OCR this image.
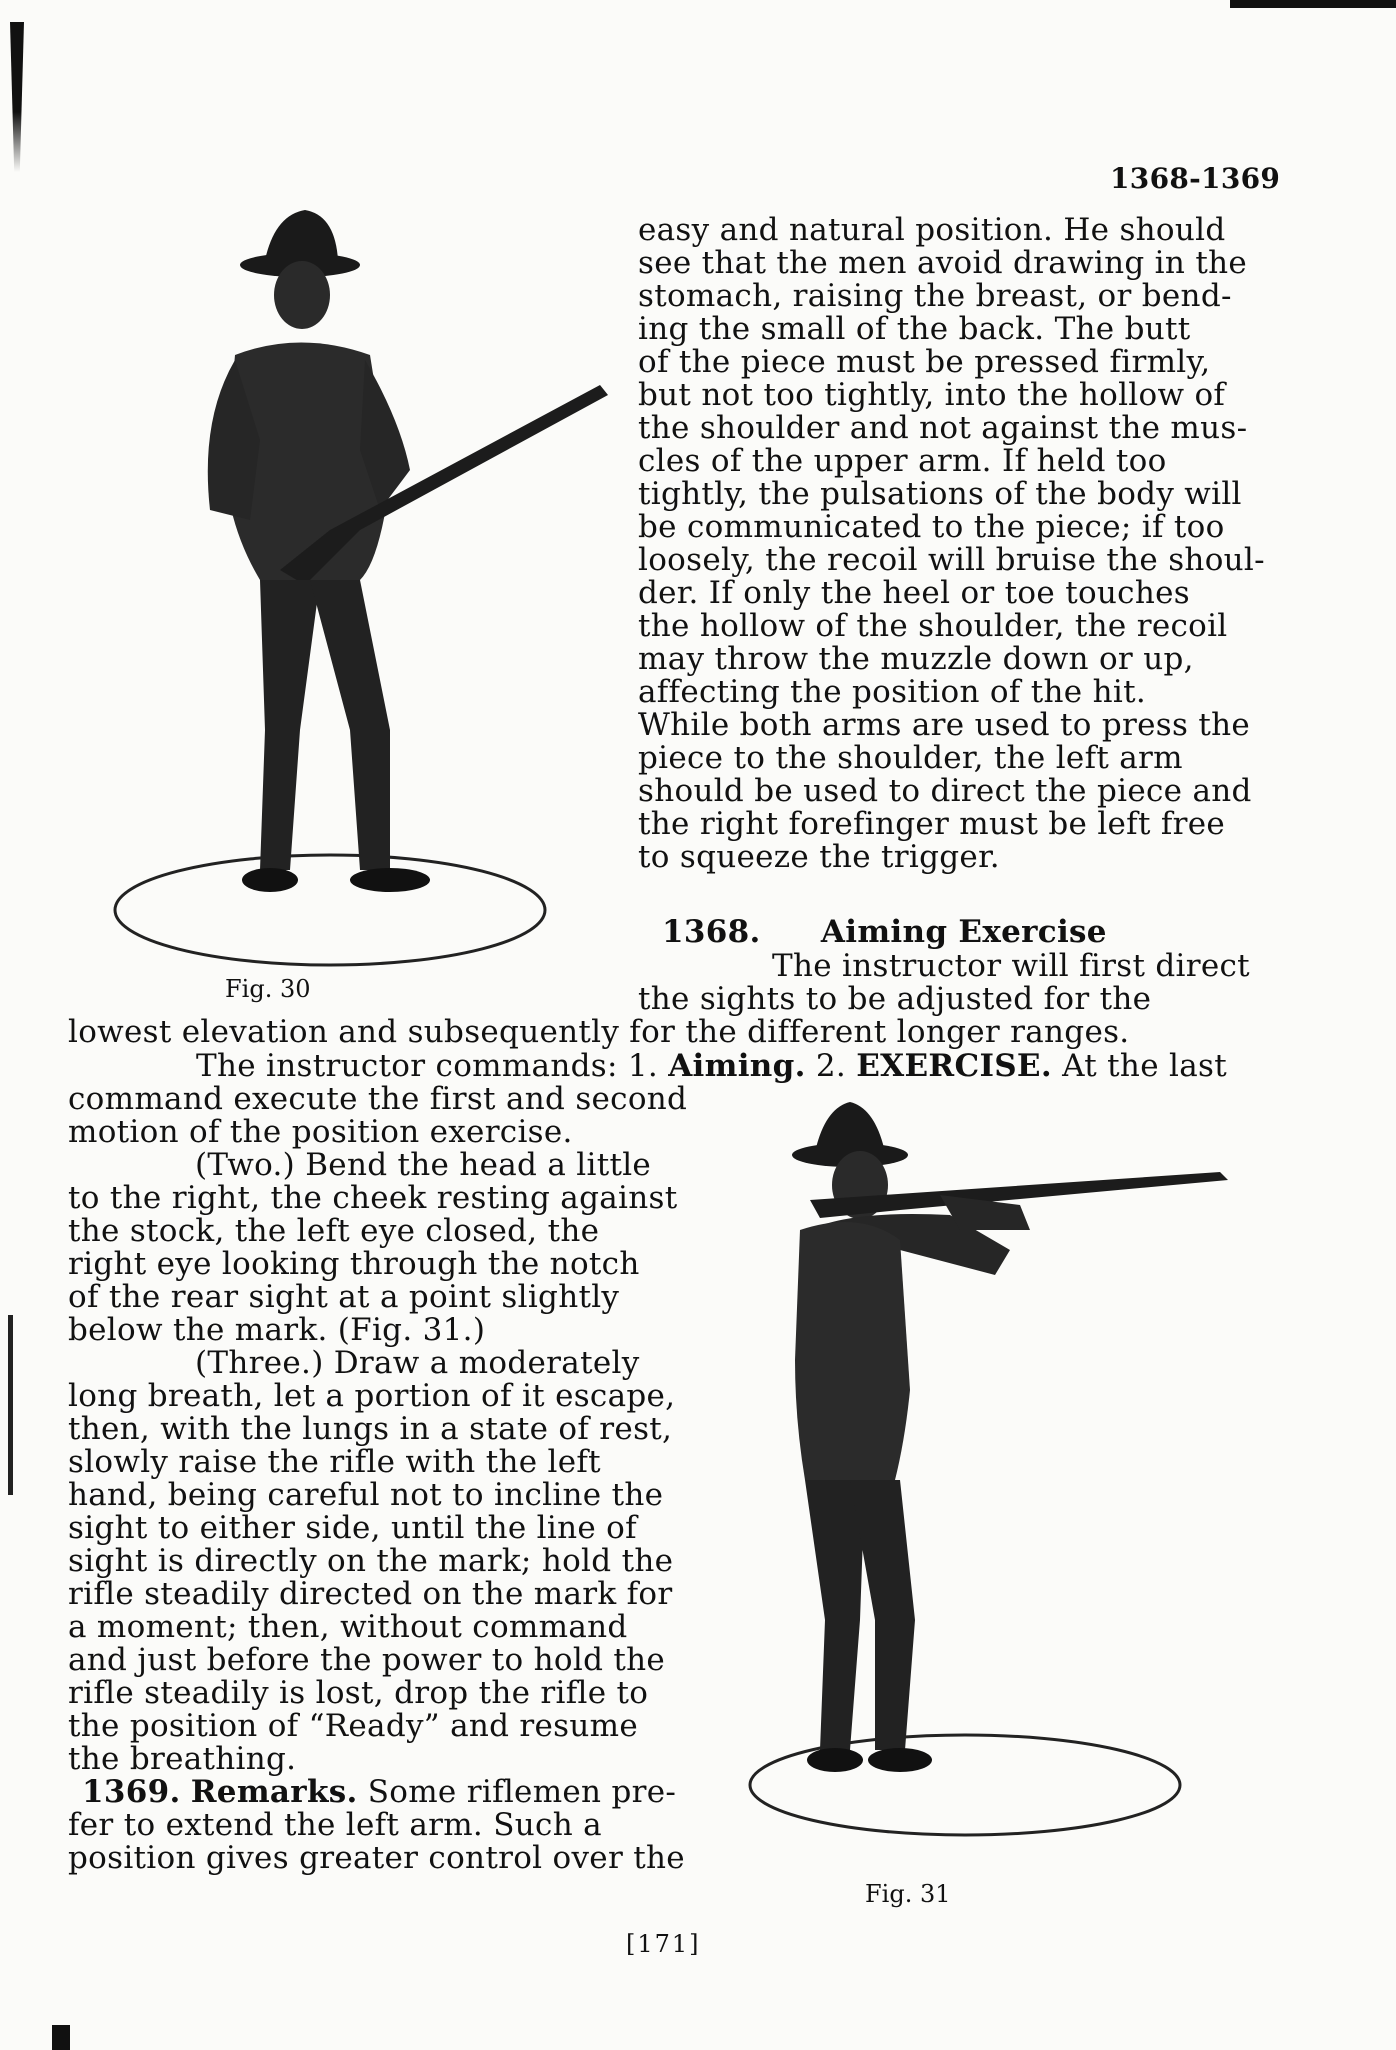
1368-1369
Fig. 30
easy and natural position. He should
see that the men avoid drawing in the
stomach, raising the breast, or bend-
ing the small of the back. The butt
of the piece must be pressed firmly,
but not too tightly, into the hollow of
the shoulder and not against the mus-
cles of the upper arm. If held too
tightly, the pulsations of the body will
be communicated to the piece; if too
loosely, the recoil will bruise the shoul-
der. If only the heel or toe touches
the hollow of the shoulder, the recoil
may throw the muzzle down or up,
affecting the position of the hit.
While both arms are used to press the
piece to the shoulder, the left arm
should be used to direct the piece and
the right forefinger must be left free
to squeeze the trigger.
1368. Aiming Exercise
The instructor will first direct
the sights to be adjusted for the
lowest elevation and subsequently for the different longer ranges.
The instructor commands: 1. Aiming. 2. EXERCISE. At the last
command execute the first and second
motion of the position exercise.
(Two.) Bend the head a little
to the right, the cheek resting against
the stock, the left eye closed, the
right eye looking through the notch
of the rear sight at a point slightly
below the mark. (Fig. 31.)
(Three.) Draw a moderately
long breath, let a portion of it escape,
then, with the lungs in a state of rest,
slowly raise the rifle with the left
hand, being careful not to incline the
sight to either side, until the line of
sight is directly on the mark; hold the
rifle steadily directed on the mark for
a moment; then, without command
and just before the power to hold the
rifle steadily is lost, drop the rifle to
the position of “Ready” and resume
the breathing.
1369. Remarks. Some riflemen pre-
fer to extend the left arm. Such a
position gives greater control over the
Fig. 31
[171]
